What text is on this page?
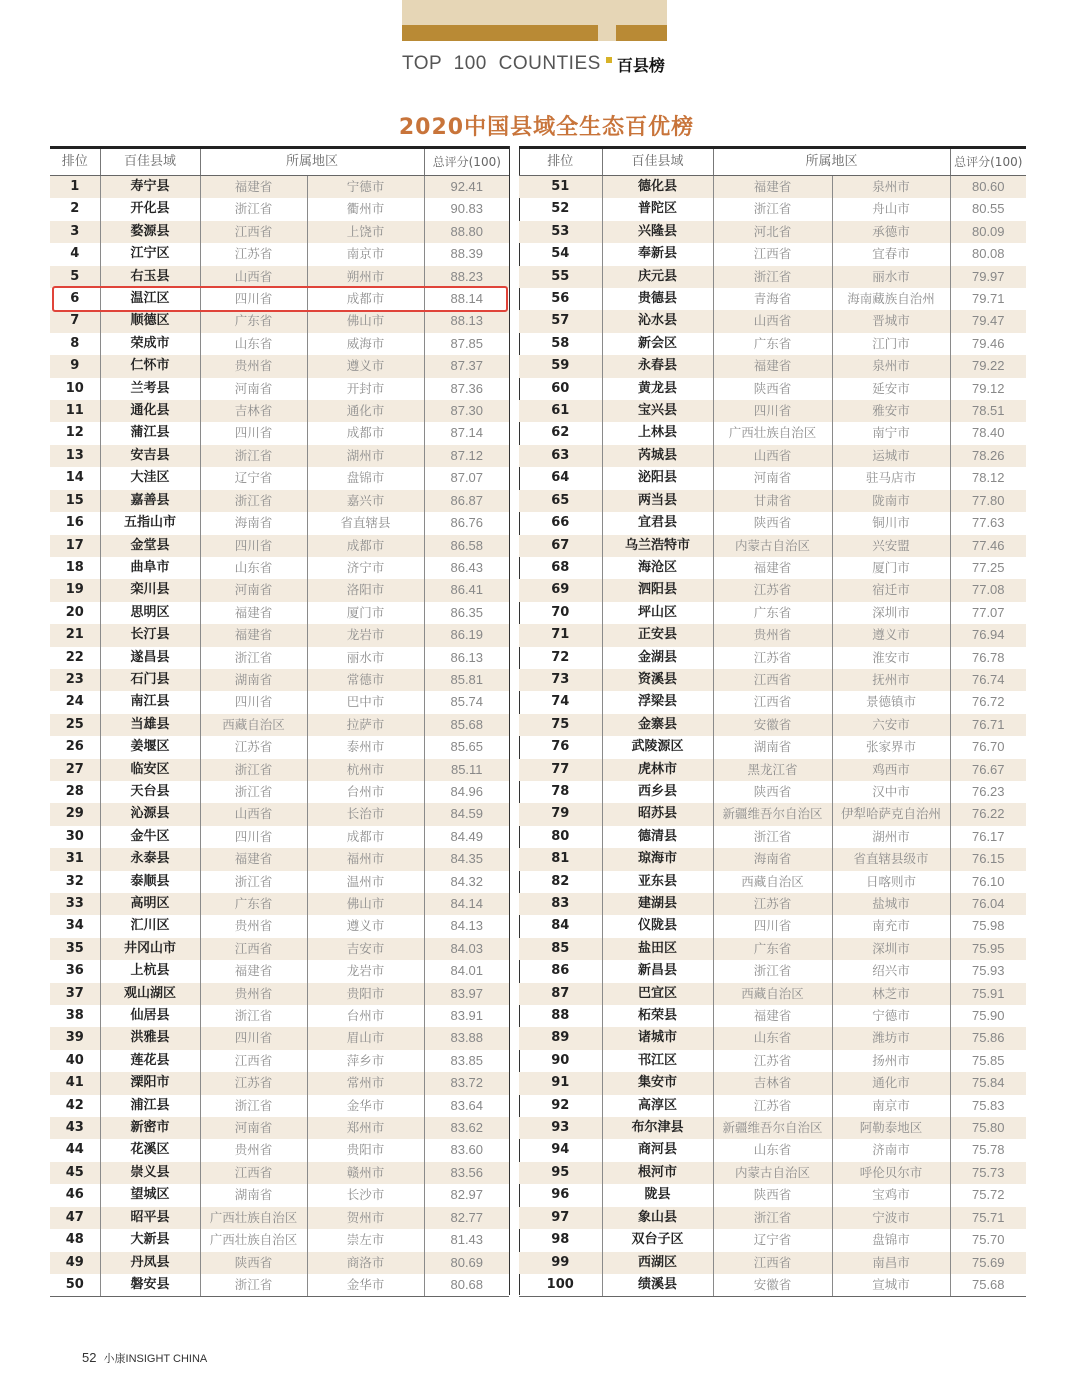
TOP 100 COUNTIES 百县榜
2020中国县域全生态百优榜
排位	百佳县域	所属地区		总评分(100)
1	寿宁县	福建省	宁德市	92.41
2	开化县	浙江省	衢州市	90.83
3	婺源县	江西省	上饶市	88.80
4	江宁区	江苏省	南京市	88.39
5	右玉县	山西省	朔州市	88.23
6	温江区	四川省	成都市	88.14
7	顺德区	广东省	佛山市	88.13
8	荣成市	山东省	威海市	87.85
9	仁怀市	贵州省	遵义市	87.37
10	兰考县	河南省	开封市	87.36
11	通化县	吉林省	通化市	87.30
12	蒲江县	四川省	成都市	87.14
13	安吉县	浙江省	湖州市	87.12
14	大洼区	辽宁省	盘锦市	87.07
15	嘉善县	浙江省	嘉兴市	86.87
16	五指山市	海南省	省直辖县	86.76
17	金堂县	四川省	成都市	86.58
18	曲阜市	山东省	济宁市	86.43
19	栾川县	河南省	洛阳市	86.41
20	思明区	福建省	厦门市	86.35
21	长汀县	福建省	龙岩市	86.19
22	遂昌县	浙江省	丽水市	86.13
23	石门县	湖南省	常德市	85.81
24	南江县	四川省	巴中市	85.74
25	当雄县	西藏自治区	拉萨市	85.68
26	姜堰区	江苏省	泰州市	85.65
27	临安区	浙江省	杭州市	85.11
28	天台县	浙江省	台州市	84.96
29	沁源县	山西省	长治市	84.59
30	金牛区	四川省	成都市	84.49
31	永泰县	福建省	福州市	84.35
32	泰顺县	浙江省	温州市	84.32
33	高明区	广东省	佛山市	84.14
34	汇川区	贵州省	遵义市	84.13
35	井冈山市	江西省	吉安市	84.03
36	上杭县	福建省	龙岩市	84.01
37	观山湖区	贵州省	贵阳市	83.97
38	仙居县	浙江省	台州市	83.91
39	洪雅县	四川省	眉山市	83.88
40	莲花县	江西省	萍乡市	83.85
41	溧阳市	江苏省	常州市	83.72
42	浦江县	浙江省	金华市	83.64
43	新密市	河南省	郑州市	83.62
44	花溪区	贵州省	贵阳市	83.60
45	崇义县	江西省	赣州市	83.56
46	望城区	湖南省	长沙市	82.97
47	昭平县	广西壮族自治区	贺州市	82.77
48	大新县	广西壮族自治区	崇左市	81.43
49	丹凤县	陕西省	商洛市	80.69
50	磐安县	浙江省	金华市	80.68
排位	百佳县域	所属地区		总评分(100)
51	德化县	福建省	泉州市	80.60
52	普陀区	浙江省	舟山市	80.55
53	兴隆县	河北省	承德市	80.09
54	奉新县	江西省	宜春市	80.08
55	庆元县	浙江省	丽水市	79.97
56	贵德县	青海省	海南藏族自治州	79.71
57	沁水县	山西省	晋城市	79.47
58	新会区	广东省	江门市	79.46
59	永春县	福建省	泉州市	79.22
60	黄龙县	陕西省	延安市	79.12
61	宝兴县	四川省	雅安市	78.51
62	上林县	广西壮族自治区	南宁市	78.40
63	芮城县	山西省	运城市	78.26
64	泌阳县	河南省	驻马店市	78.12
65	两当县	甘肃省	陇南市	77.80
66	宜君县	陕西省	铜川市	77.63
67	乌兰浩特市	内蒙古自治区	兴安盟	77.46
68	海沧区	福建省	厦门市	77.25
69	泗阳县	江苏省	宿迁市	77.08
70	坪山区	广东省	深圳市	77.07
71	正安县	贵州省	遵义市	76.94
72	金湖县	江苏省	淮安市	76.78
73	资溪县	江西省	抚州市	76.74
74	浮梁县	江西省	景德镇市	76.72
75	金寨县	安徽省	六安市	76.71
76	武陵源区	湖南省	张家界市	76.70
77	虎林市	黑龙江省	鸡西市	76.67
78	西乡县	陕西省	汉中市	76.23
79	昭苏县	新疆维吾尔自治区	伊犁哈萨克自治州	76.22
80	德清县	浙江省	湖州市	76.17
81	琼海市	海南省	省直辖县级市	76.15
82	亚东县	西藏自治区	日喀则市	76.10
83	建湖县	江苏省	盐城市	76.04
84	仪陇县	四川省	南充市	75.98
85	盐田区	广东省	深圳市	75.95
86	新昌县	浙江省	绍兴市	75.93
87	巴宜区	西藏自治区	林芝市	75.91
88	柘荣县	福建省	宁德市	75.90
89	诸城市	山东省	潍坊市	75.86
90	邗江区	江苏省	扬州市	75.85
91	集安市	吉林省	通化市	75.84
92	高淳区	江苏省	南京市	75.83
93	布尔津县	新疆维吾尔自治区	阿勒泰地区	75.80
94	商河县	山东省	济南市	75.78
95	根河市	内蒙古自治区	呼伦贝尔市	75.73
96	陇县	陕西省	宝鸡市	75.72
97	象山县	浙江省	宁波市	75.71
98	双台子区	辽宁省	盘锦市	75.70
99	西湖区	江西省	南昌市	75.69
100	绩溪县	安徽省	宣城市	75.68
52 小康INSIGHT CHINA
